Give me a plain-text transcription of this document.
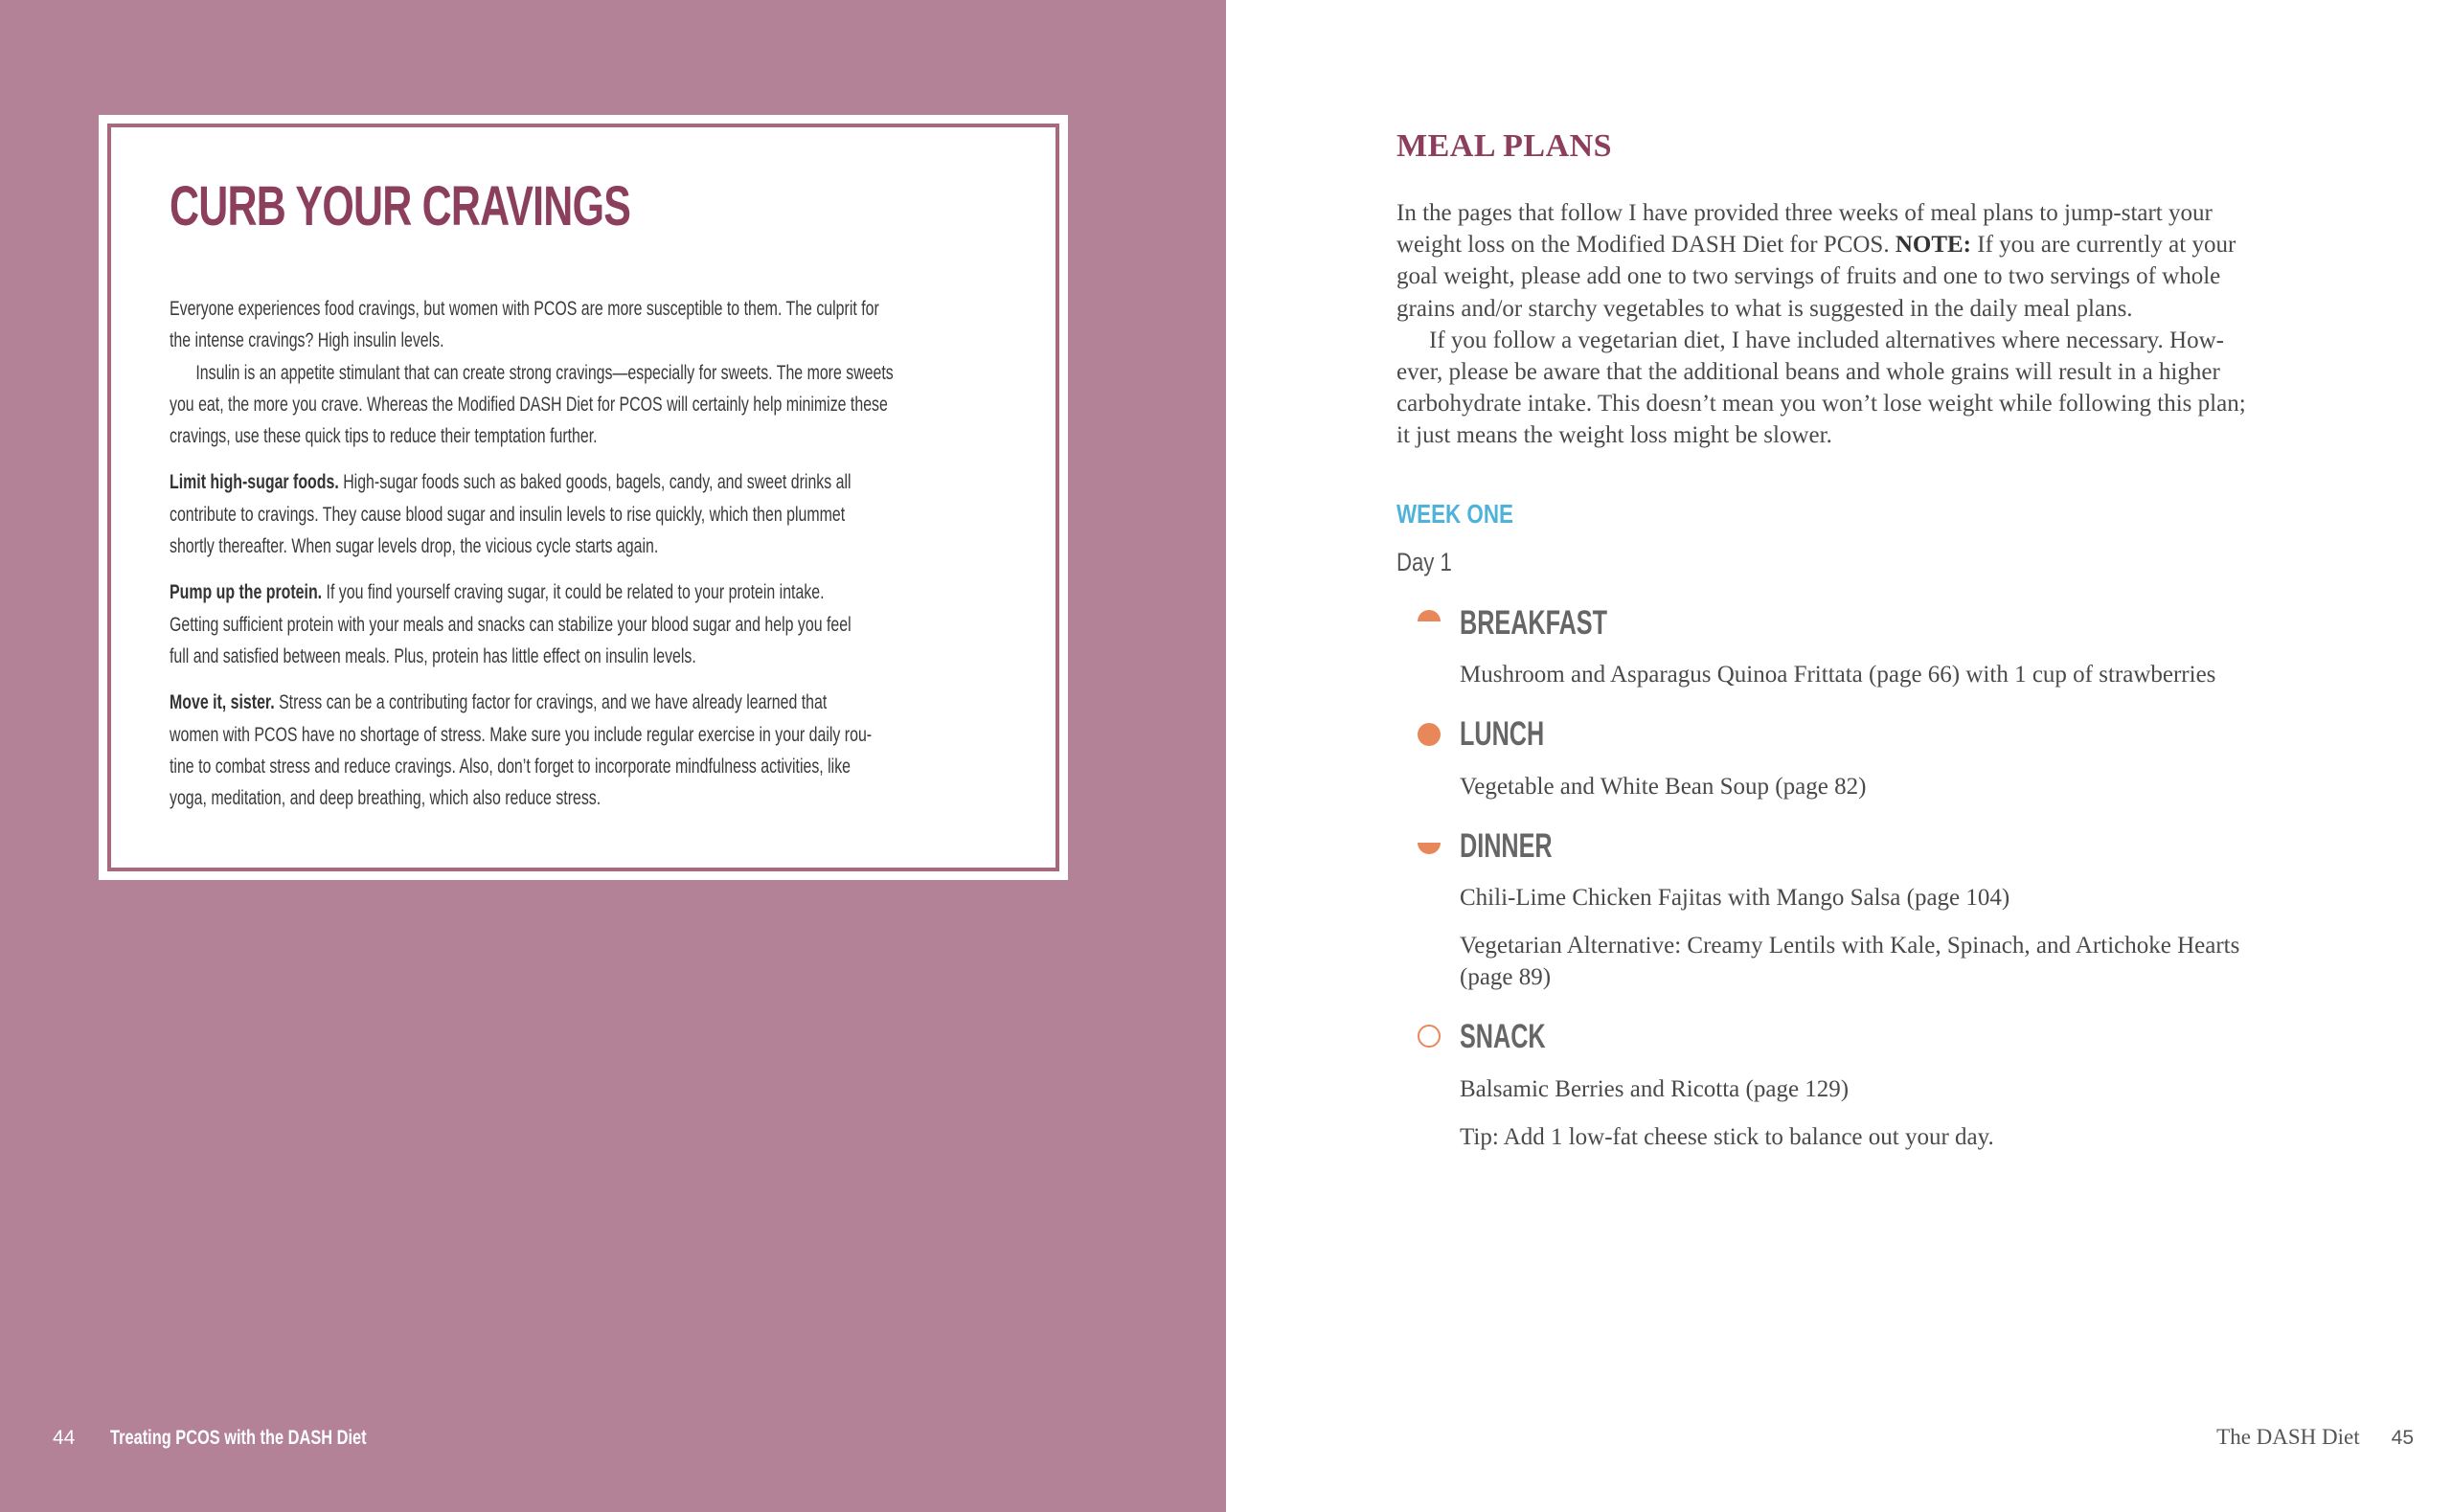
CURB YOUR CRAVINGS

Everyone experiences food cravings, but women with PCOS are more susceptible to them. The culprit for
the intense cravings? High insulin levels.

Insulin is an appetite stimulant that can create strong cravings—especially for sweets. The more sweets
you eat, the more you crave. Whereas the Modified DASH Diet for PCOS will certainly help minimize these
cravings, use these quick tips to reduce their temptation further.

Limit high-sugar foods. High-sugar foods such as baked goods, bagels, candy, and sweet drinks all
contribute to cravings. They cause blood sugar and insulin levels to rise quickly, which then plummet
shortly thereafter. When sugar levels drop, the vicious cycle starts again.

Pump up the protein. If you find yourself craving sugar, it could be related to your protein intake.
Getting sufficient protein with your meals and snacks can stabilize your blood sugar and help you feel
full and satisfied between meals. Plus, protein has little effect on insulin levels.

Move it, sister. Stress can be a contributing factor for cravings, and we have already learned that
women with PCOS have no shortage of stress. Make sure you include regular exercise in your daily rou-
tine to combat stress and reduce cravings. Also, don’t forget to incorporate mindfulness activities, like
yoga, meditation, and deep breathing, which also reduce stress.

44 Treating PCOS with the DASH Diet
MEAL PLANS

In the pages that follow I have provided three weeks of meal plans to jump-start your
weight loss on the Modified DASH Diet for PCOS. NOTE: If you are currently at your
goal weight, please add one to two servings of fruits and one to two servings of whole
grains and/or starchy vegetables to what is suggested in the daily meal plans.

If you follow a vegetarian diet, I have included alternatives where necessary. How-
ever, please be aware that the additional beans and whole grains will result in a higher
carbohydrate intake. This doesn’t mean you won’t lose weight while following this plan;
it just means the weight loss might be slower.

WEEK ONE
Day 1
BREAKFAST
Mushroom and Asparagus Quinoa Frittata (page 66) with 1 cup of strawberries
LUNCH
Vegetable and White Bean Soup (page 82)
DINNER
Chili-Lime Chicken Fajitas with Mango Salsa (page 104)
Vegetarian Alternative: Creamy Lentils with Kale, Spinach, and Artichoke Hearts
(page 89)
SNACK
Balsamic Berries and Ricotta (page 129)
Tip: Add 1 low-fat cheese stick to balance out your day.
The DASH Diet 45
